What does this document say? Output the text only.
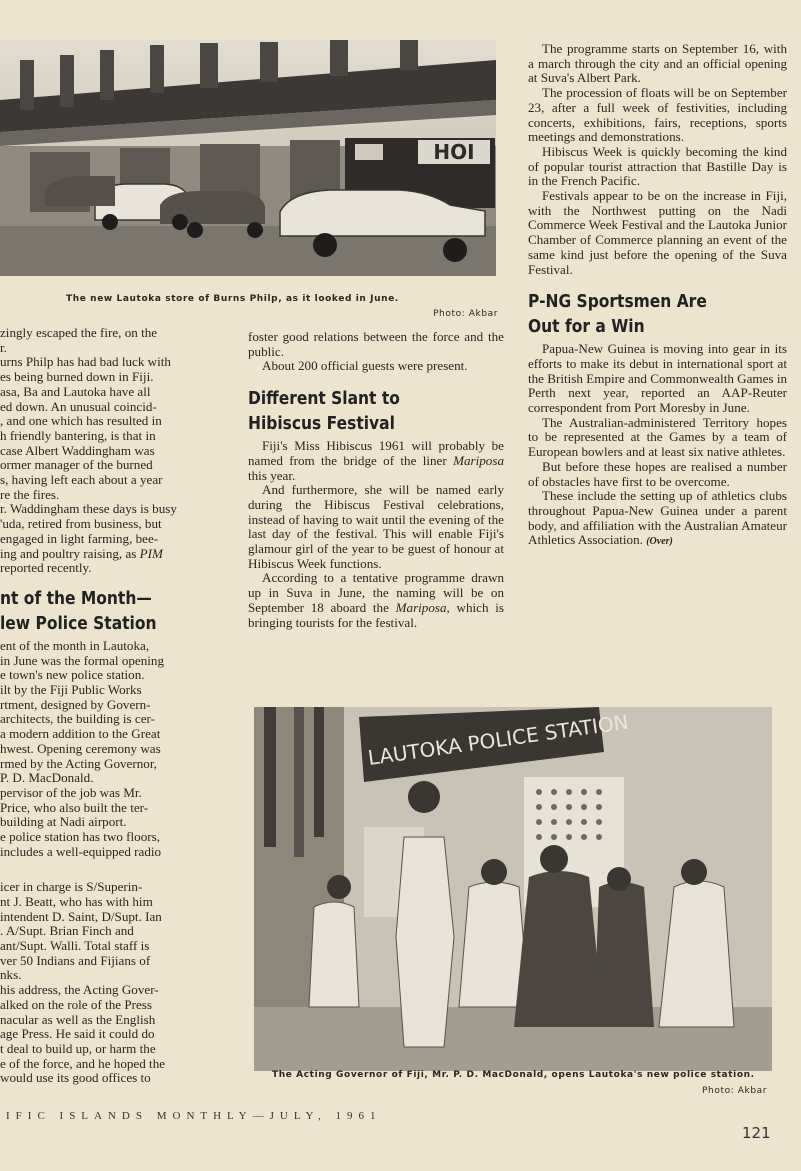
HOI
The new Lautoka store of Burns Philp, as it looked in June.
Photo: Akbar

zingly escaped the fire, on the

r.

urns Philp has had bad luck with

es being burned down in Fiji.

asa, Ba and Lautoka have all

ed down. An unusual coincid-

, and one which has resulted in

h friendly bantering, is that in

case Albert Waddingham was

ormer manager of the burned

s, having left each about a year

re the fires.

r. Waddingham these days is busy

'uda, retired from business, but

engaged in light farming, bee-

ing and poultry raising, as PIM

reported recently.

nt of the Month—
lew Police Station

ent of the month in Lautoka,

in June was the formal opening

e town's new police station.

ilt by the Fiji Public Works

rtment, designed by Govern-

architects, the building is cer-

a modern addition to the Great

hwest. Opening ceremony was

rmed by the Acting Governor,

P. D. MacDonald.

pervisor of the job was Mr.

Price, who also built the ter-

building at Nadi airport.

e police station has two floors,

includes a well-equipped radio

icer in charge is S/Superin-

nt J. Beatt, who has with him

intendent D. Saint, D/Supt. Ian

. A/Supt. Brian Finch and

ant/Supt. Walli. Total staff is

ver 50 Indians and Fijians of

nks.

his address, the Acting Gover-

alked on the role of the Press

nacular as well as the English

age Press. He said it could do

t deal to build up, or harm the

e of the force, and he hoped the

would use its good offices to

foster good relations between the force and the public.

About 200 official guests were present.

Different Slant to
Hibiscus Festival

Fiji's Miss Hibiscus 1961 will probably be named from the bridge of the liner Mariposa this year.

And furthermore, she will be named early during the Hibiscus Festival celebrations, instead of having to wait until the evening of the last day of the festival. This will enable Fiji's glamour girl of the year to be guest of honour at Hibiscus Week functions.

According to a tentative programme drawn up in Suva in June, the naming will be on September 18 aboard the Mariposa, which is bringing tourists for the festival.

The programme starts on September 16, with a march through the city and an official opening at Suva's Albert Park.

The procession of floats will be on September 23, after a full week of festivities, including concerts, exhibitions, fairs, receptions, sports meetings and demonstrations.

Hibiscus Week is quickly becoming the kind of popular tourist attraction that Bastille Day is in the French Pacific.

Festivals appear to be on the increase in Fiji, with the Northwest putting on the Nadi Commerce Week Festival and the Lautoka Junior Chamber of Commerce planning an event of the same kind just before the opening of the Suva Festival.

P-NG Sportsmen Are
Out for a Win

Papua-New Guinea is moving into gear in its efforts to make its debut in international sport at the British Empire and Commonwealth Games in Perth next year, reported an AAP-Reuter correspondent from Port Moresby in June.

The Australian-administered Territory hopes to be represented at the Games by a team of European bowlers and at least six native athletes.

But before these hopes are realised a number of obstacles have first to be overcome.

These include the setting up of athletics clubs throughout Papua-New Guinea under a parent body, and affiliation with the Australian Amateur Athletics Association. (Over)

LAUTOKA POLICE STATION
The Acting Governor of Fiji, Mr. P. D. MacDonald, opens Lautoka's new police station.
Photo: Akbar
IFIC ISLANDS MONTHLY—JULY, 1961
121
